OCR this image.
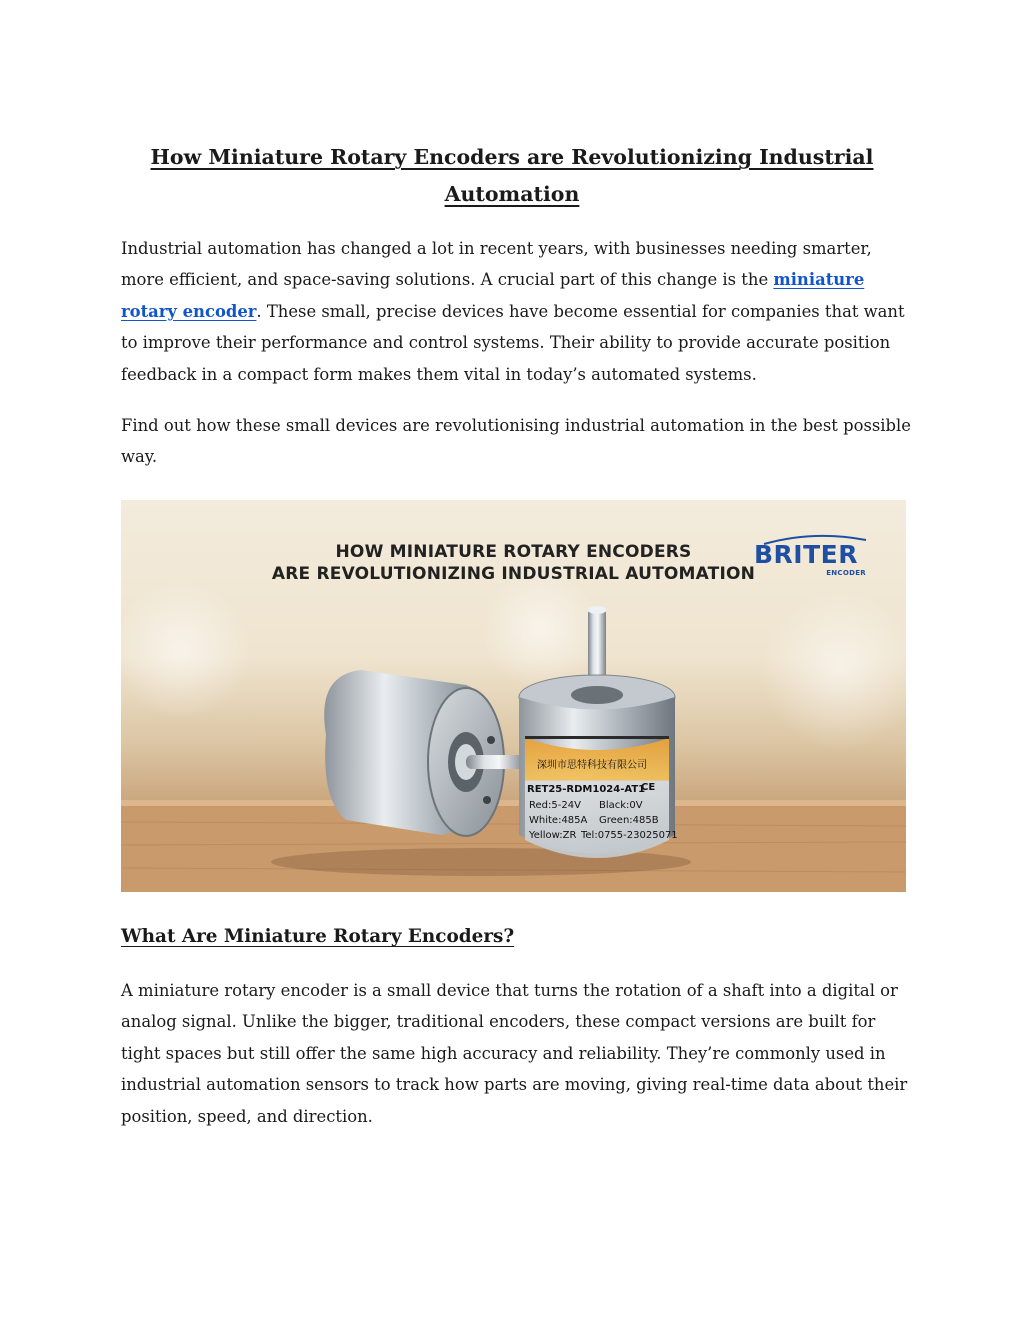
How Miniature Rotary Encoders are Revolutionizing Industrial Automation

Industrial automation has changed a lot in recent years, with businesses needing smarter, more efficient, and space-saving solutions. A crucial part of this change is the miniature rotary encoder. These small, precise devices have become essential for companies that want to improve their performance and control systems. Their ability to provide accurate position feedback in a compact form makes them vital in today’s automated systems.

Find out how these small devices are revolutionising industrial automation in the best possible way.

深圳市思特科技有限公司
RET25-RDM1024-AT1
Red:5-24V Black:0V
White:485A Green:485B
Yellow:ZR Tel:0755-23025071
CE
HOW MINIATURE ROTARY ENCODERS
ARE REVOLUTIONIZING INDUSTRIAL AUTOMATION
BRITER
ENCODER
What Are Miniature Rotary Encoders?

A miniature rotary encoder is a small device that turns the rotation of a shaft into a digital or analog signal. Unlike the bigger, traditional encoders, these compact versions are built for tight spaces but still offer the same high accuracy and reliability. They’re commonly used in industrial automation sensors to track how parts are moving, giving real-time data about their position, speed, and direction.
